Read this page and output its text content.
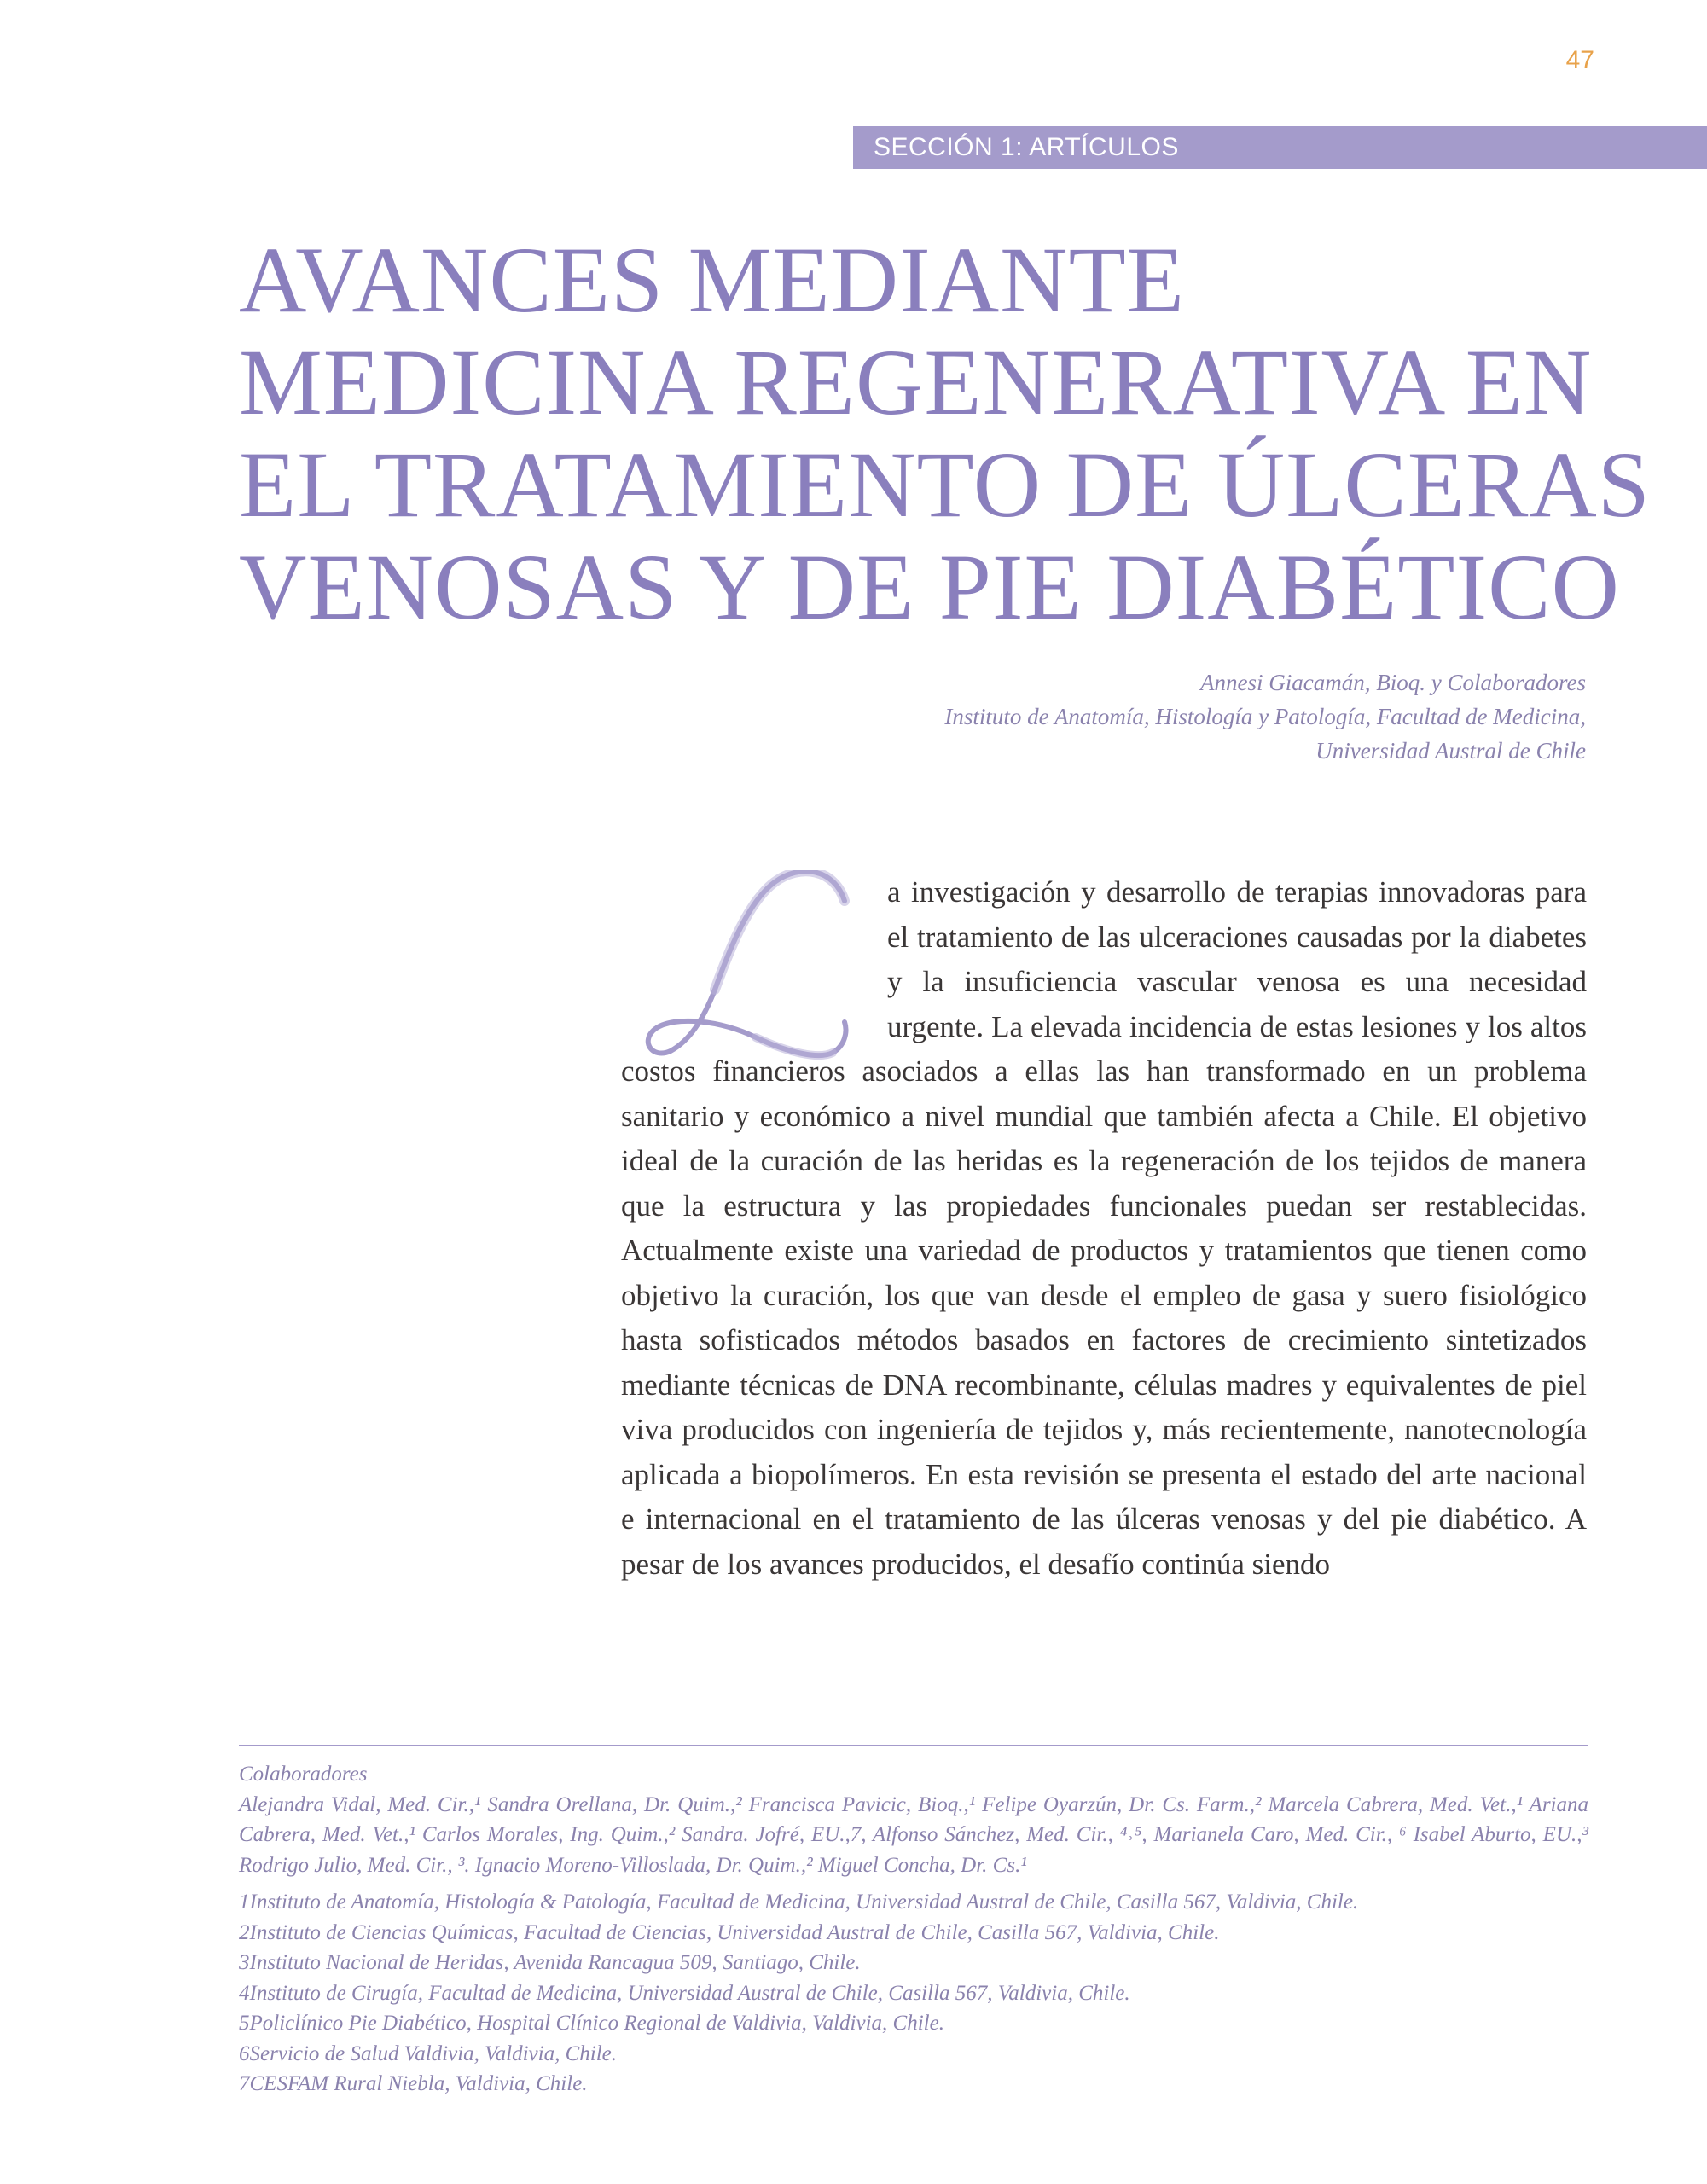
47
SECCIÓN 1: ARTÍCULOS
AVANCES MEDIANTE
MEDICINA REGENERATIVA EN
EL TRATAMIENTO DE ÚLCERAS
VENOSAS Y DE PIE DIABÉTICO
Annesi Giacamán, Bioq. y Colaboradores
Instituto de Anatomía, Histología y Patología, Facultad de Medicina,
Universidad Austral de Chile

a investigación y desarrollo de terapias innovadoras para el tratamiento de las ulceraciones causadas por la diabetes y la insuficiencia vascular venosa es una necesidad urgente. La elevada incidencia de estas lesiones y los altos costos financieros asociados a ellas las han transformado en un problema sanitario y económico a nivel mundial que también afecta a Chile. El objetivo ideal de la curación de las heridas es la regeneración de los tejidos de manera que la estructura y las propiedades funcionales puedan ser restablecidas. Actualmente existe una variedad de productos y tratamientos que tienen como objetivo la curación, los que van desde el empleo de gasa y suero fisiológico hasta sofisticados métodos basados en factores de crecimiento sintetizados mediante técnicas de DNA recombinante, células madres y equivalentes de piel viva producidos con ingeniería de tejidos y, más recientemente, nanotecnología aplicada a biopolímeros. En esta revisión se presenta el estado del arte nacional e internacional en el tratamiento de las úlceras venosas y del pie diabético. A pesar de los avances producidos, el desafío continúa siendo

Colaboradores
Alejandra Vidal, Med. Cir.,¹ Sandra Orellana, Dr. Quim.,² Francisca Pavicic, Bioq.,¹ Felipe Oyarzún, Dr. Cs. Farm.,² Marcela Cabrera, Med. Vet.,¹ Ariana Cabrera, Med. Vet.,¹ Carlos Morales, Ing. Quim.,² Sandra. Jofré, EU.,7, Alfonso Sánchez, Med. Cir., ⁴˒⁵, Marianela Caro, Med. Cir., ⁶ Isabel Aburto, EU.,³ Rodrigo Julio, Med. Cir., ³. Ignacio Moreno-Villoslada, Dr. Quim.,² Miguel Concha, Dr. Cs.¹
1Instituto de Anatomía, Histología & Patología, Facultad de Medicina, Universidad Austral de Chile, Casilla 567, Valdivia, Chile.
2Instituto de Ciencias Químicas, Facultad de Ciencias, Universidad Austral de Chile, Casilla 567, Valdivia, Chile.
3Instituto Nacional de Heridas, Avenida Rancagua 509, Santiago, Chile.
4Instituto de Cirugía, Facultad de Medicina, Universidad Austral de Chile, Casilla 567, Valdivia, Chile.
5Policlínico Pie Diabético, Hospital Clínico Regional de Valdivia, Valdivia, Chile.
6Servicio de Salud Valdivia, Valdivia, Chile.
7CESFAM Rural Niebla, Valdivia, Chile.
